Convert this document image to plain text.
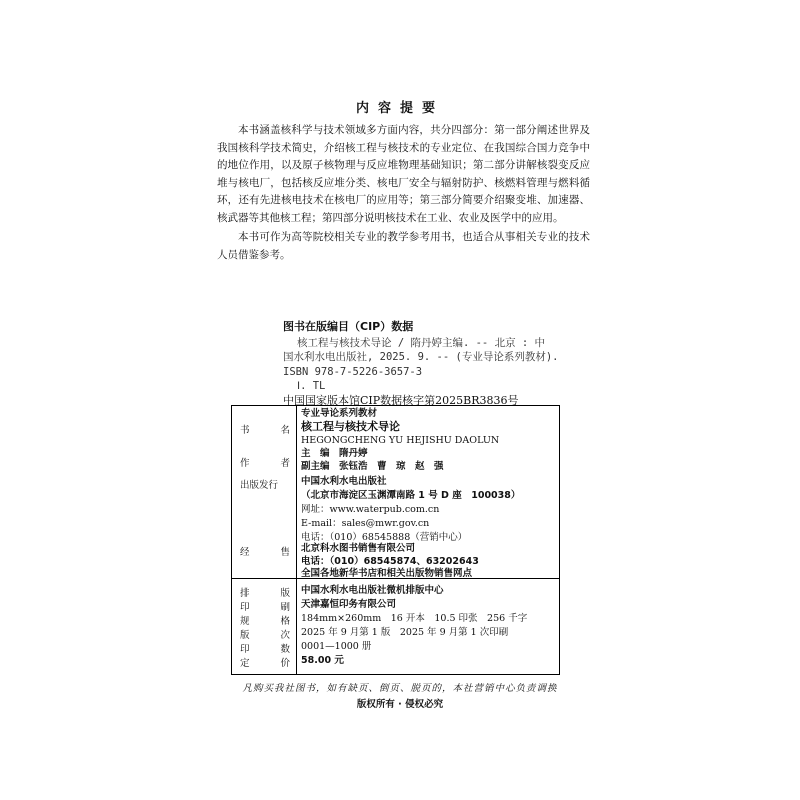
内容提要

本书涵盖核科学与技术领域多方面内容，共分四部分：第一部分阐述世界及我国核科学技术简史，介绍核工程与核技术的专业定位、在我国综合国力竞争中的地位作用，以及原子核物理与反应堆物理基础知识；第二部分讲解核裂变反应堆与核电厂，包括核反应堆分类、核电厂安全与辐射防护、核燃料管理与燃料循环，还有先进核电技术在核电厂的应用等；第三部分简要介绍聚变堆、加速器、核武器等其他核工程；第四部分说明核技术在工业、农业及医学中的应用。

本书可作为高等院校相关专业的教学参考用书，也适合从事相关专业的技术人员借鉴参考。

图书在版编目（CIP）数据
核工程与核技术导论 / 隋丹婷主编. -- 北京 : 中
国水利水电出版社, 2025. 9. -- (专业导论系列教材).
ISBN 978-7-5226-3657-3
Ⅰ. TL
中国国家版本馆CIP数据核字第2025BR3836号
专业导论系列教材
书	名 核工程与核技术导论
HEGONGCHENG YU HEJISHU DAOLUN
作	者
主　编　隋丹婷
副主编　张钰浩　曹　琼　赵　强
出版发行	中国水利水电出版社
（北京市海淀区玉渊潭南路 1 号 D 座　100038）
网址：www.waterpub.com.cn
E-mail：sales@mwr.gov.cn
电话：（010）68545888（营销中心）
经	售 北京科水图书销售有限公司
电话：（010）68545874、63202643
全国各地新华书店和相关出版物销售网点
排	版 中国水利水电出版社微机排版中心
印	刷 天津嘉恒印务有限公司
规	格 184mm×260mm　16 开本　10.5 印张　256 千字
版	次 2025 年 9 月第 1 版　2025 年 9 月第 1 次印刷
印	数 0001—1000 册
定	价 58.00 元
凡购买我社图书，如有缺页、倒页、脱页的，本社营销中心负责调换
版权所有 · 侵权必究
